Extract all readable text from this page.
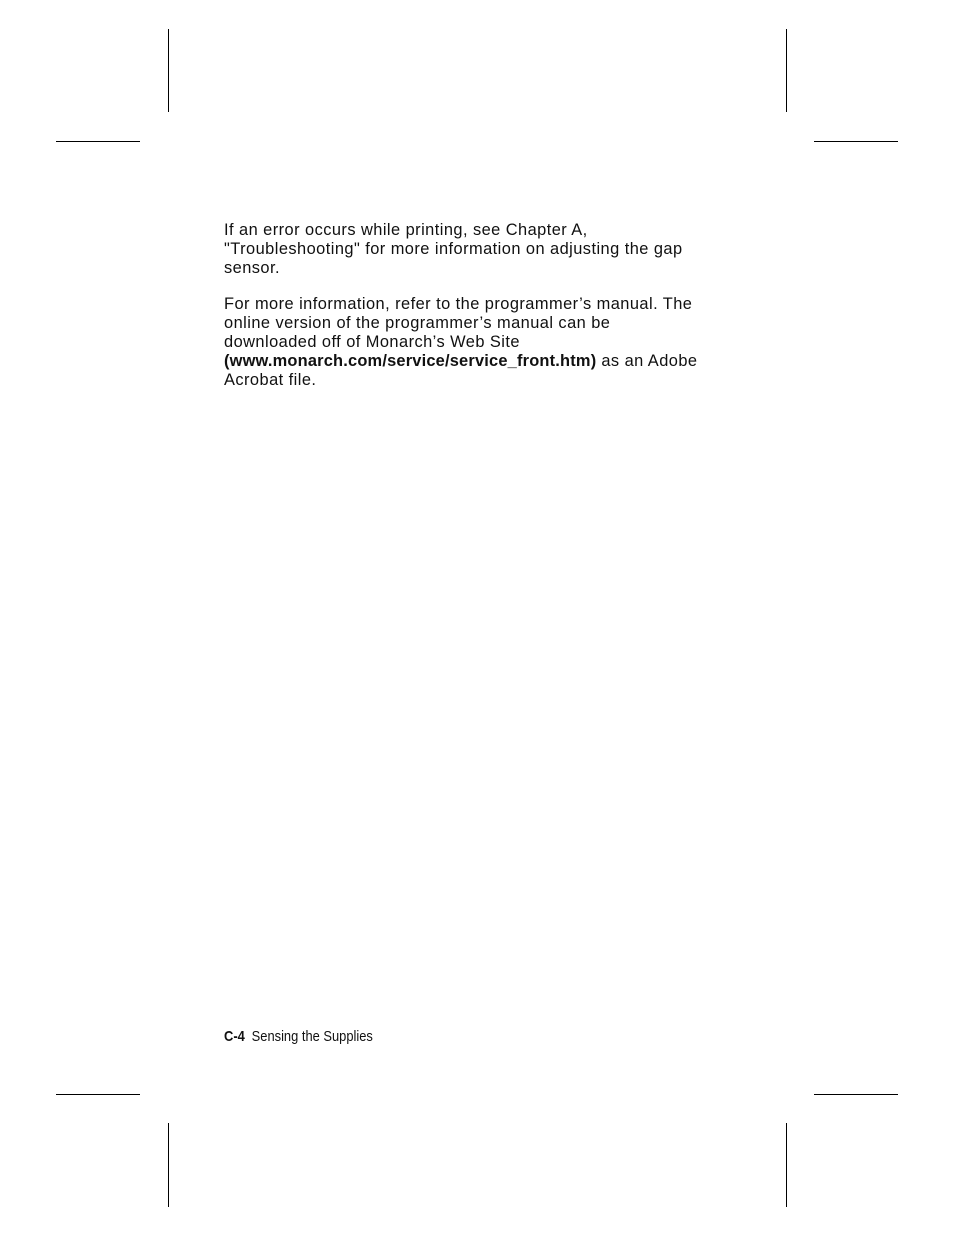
If an error occurs while printing, see Chapter A, "Troubleshooting" for more information on adjusting the gap sensor.

For more information, refer to the programmer’s manual. The online version of the programmer’s manual can be downloaded off of Monarch’s Web Site (www.monarch.com/service/service_front.htm) as an Adobe Acrobat file.

C-4 Sensing the Supplies
